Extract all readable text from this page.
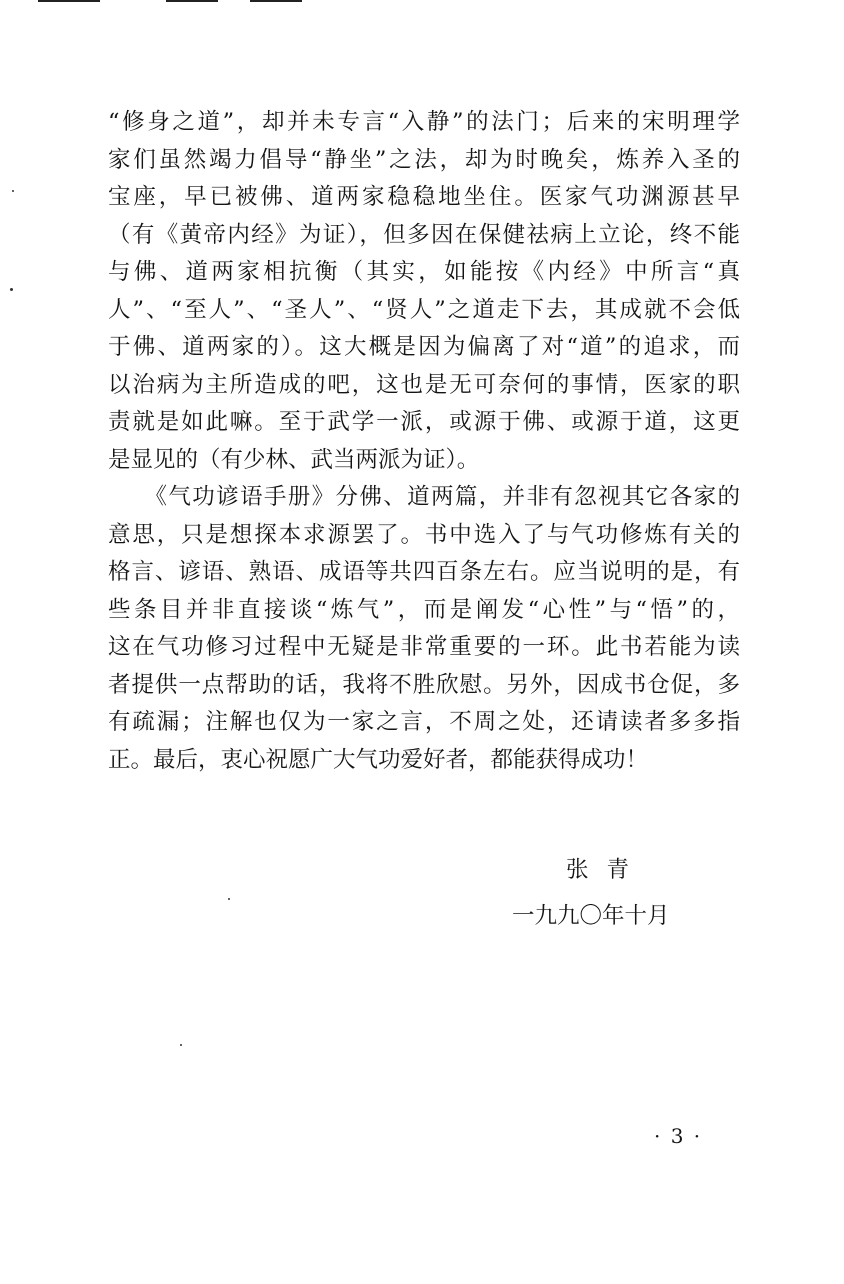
“修身之道”，却并未专言“入静”的法门；后来的宋明理学
家们虽然竭力倡导“静坐”之法，却为时晚矣，炼养入圣的
宝座，早已被佛、道两家稳稳地坐住。医家气功渊源甚早
（有《黄帝内经》为证），但多因在保健祛病上立论，终不能
与佛、道两家相抗衡（其实，如能按《内经》中所言“真
人”、“至人”、“圣人”、“贤人”之道走下去，其成就不会低
于佛、道两家的）。这大概是因为偏离了对“道”的追求，而
以治病为主所造成的吧，这也是无可奈何的事情，医家的职
责就是如此嘛。至于武学一派，或源于佛、或源于道，这更
是显见的（有少林、武当两派为证）。
　　《气功谚语手册》分佛、道两篇，并非有忽视其它各家的
意思，只是想探本求源罢了。书中选入了与气功修炼有关的
格言、谚语、熟语、成语等共四百条左右。应当说明的是，有
些条目并非直接谈“炼气”，而是阐发“心性”与“悟”的，
这在气功修习过程中无疑是非常重要的一环。此书若能为读
者提供一点帮助的话，我将不胜欣慰。另外，因成书仓促，多
有疏漏；注解也仅为一家之言，不周之处，还请读者多多指
正。最后，衷心祝愿广大气功爱好者，都能获得成功！
张青
一九九〇年十月
· 3 ·
